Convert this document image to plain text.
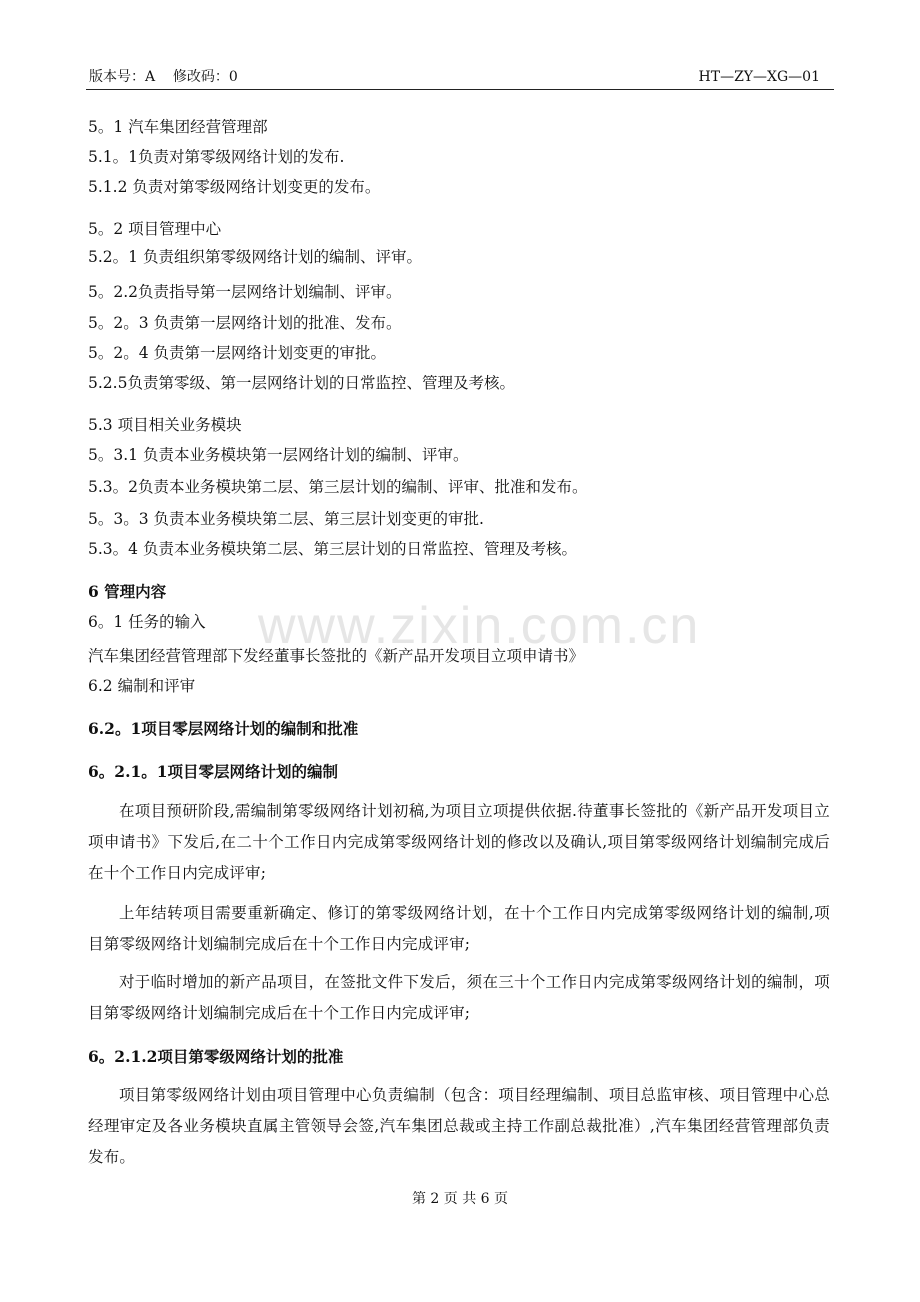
版本号：A    修改码：0	HT—ZY—XG—01
www.zixin.com.cn
5。1 汽车集团经营管理部
5.1。1负责对第零级网络计划的发布.
5.1.2 负责对第零级网络计划变更的发布。
5。2 项目管理中心
5.2。1 负责组织第零级网络计划的编制、评审。
5。2.2负责指导第一层网络计划编制、评审。
5。2。3 负责第一层网络计划的批准、发布。
5。2。4 负责第一层网络计划变更的审批。
5.2.5负责第零级、第一层网络计划的日常监控、管理及考核。
5.3 项目相关业务模块
5。3.1 负责本业务模块第一层网络计划的编制、评审。
5.3。2负责本业务模块第二层、第三层计划的编制、评审、批准和发布。
5。3。3 负责本业务模块第二层、第三层计划变更的审批.
5.3。4 负责本业务模块第二层、第三层计划的日常监控、管理及考核。
6 管理内容
6。1 任务的输入
汽车集团经营管理部下发经董事长签批的《新产品开发项目立项申请书》
6.2 编制和评审
6.2。1项目零层网络计划的编制和批准
6。2.1。1项目零层网络计划的编制
在项目预研阶段,需编制第零级网络计划初稿,为项目立项提供依据.待董事长签批的《新产品开发项目立项申请书》下发后,在二十个工作日内完成第零级网络计划的修改以及确认,项目第零级网络计划编制完成后在十个工作日内完成评审;
上年结转项目需要重新确定、修订的第零级网络计划，在十个工作日内完成第零级网络计划的编制,项目第零级网络计划编制完成后在十个工作日内完成评审;
对于临时增加的新产品项目，在签批文件下发后，须在三十个工作日内完成第零级网络计划的编制，项目第零级网络计划编制完成后在十个工作日内完成评审;
6。2.1.2项目第零级网络计划的批准
项目第零级网络计划由项目管理中心负责编制（包含：项目经理编制、项目总监审核、项目管理中心总经理审定及各业务模块直属主管领导会签,汽车集团总裁或主持工作副总裁批准）,汽车集团经营管理部负责发布。
第 2 页 共 6 页
